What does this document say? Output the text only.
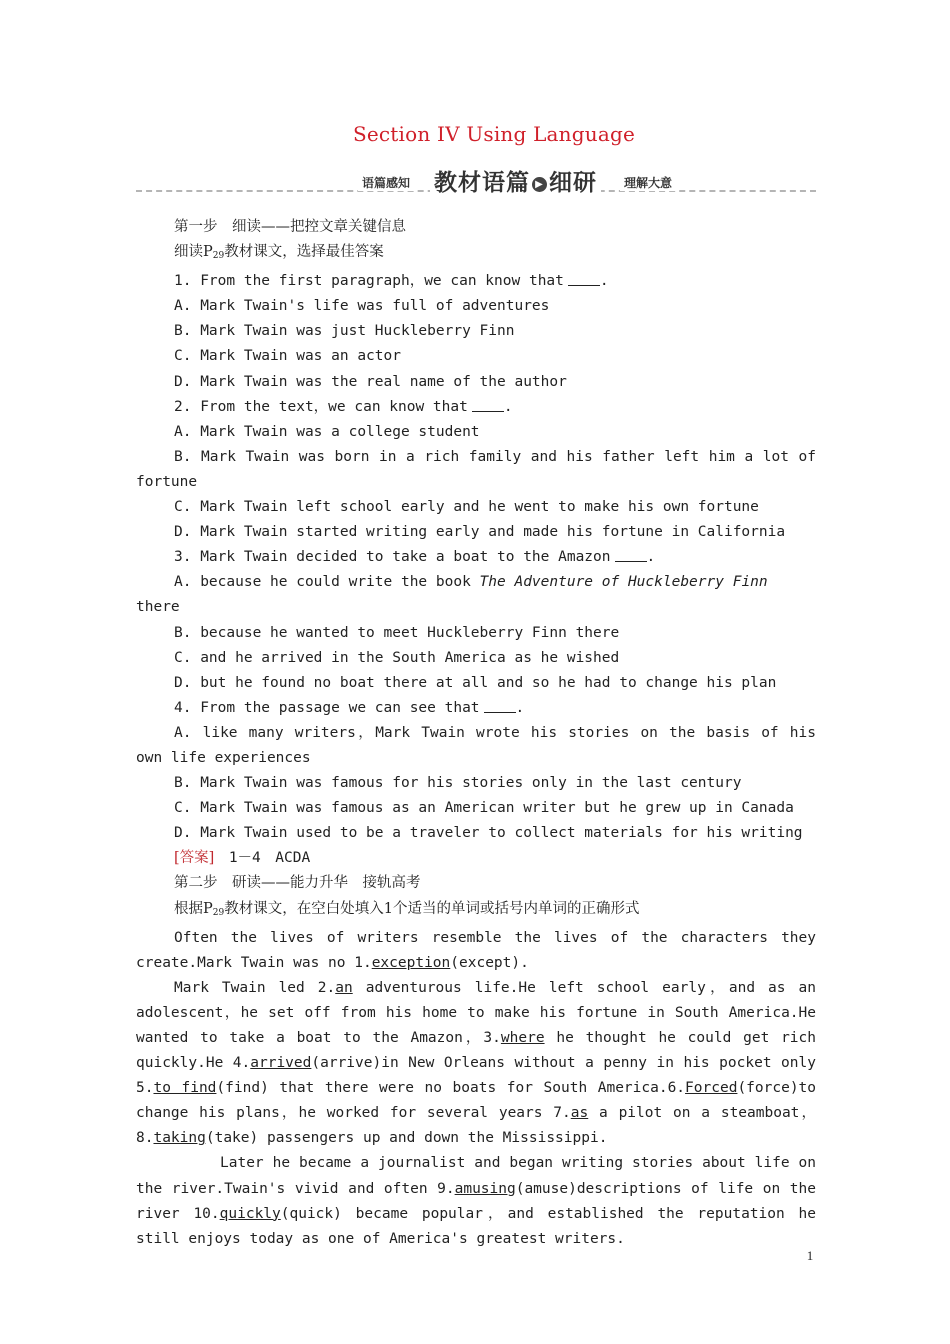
Section IV Using Language
语篇感知 教材语篇 ▶ 细研	理解大意

第一步　细读——把控文章关键信息

细读$P_{29}$教材课文，选择最佳答案

1. From the first paragraph，we can know that .

A. Mark Twain's life was full of adventures

B. Mark Twain was just Huckleberry Finn

C. Mark Twain was an actor

D. Mark Twain was the real name of the author

2. From the text，we can know that .

A. Mark Twain was a college student

B. Mark Twain was born in a rich family and his father left him a lot of fortune

C. Mark Twain left school early and he went to make his own fortune

D. Mark Twain started writing early and made his fortune in California

3. Mark Twain decided to take a boat to the Amazon .

A. because he could write the book The Adventure of Huckleberry Finn there

B. because he wanted to meet Huckleberry Finn there

C. and he arrived in the South America as he wished

D. but he found no boat there at all and so he had to change his plan

4. From the passage we can see that .

A. like many writers，Mark Twain wrote his stories on the basis of his own life experiences

B. Mark Twain was famous for his stories only in the last century

C. Mark Twain was famous as an American writer but he grew up in Canada

D. Mark Twain used to be a traveler to collect materials for his writing

[答案]　1－4　ACDA

第二步　研读——能力升华　接轨高考

根据$P_{29}$教材课文，在空白处填入1个适当的单词或括号内单词的正确形式

Often the lives of writers resemble the lives of the characters they create.Mark Twain was no 1.exception(except).

Mark Twain led 2.an adventurous life.He left school early，and as an adolescent，he set off from his home to make his fortune in South America.He wanted to take a boat to the Amazon，3.where he thought he could get rich quickly.He 4.arrived(arrive)in New Orleans without a penny in his pocket only 5.to find(find) that there were no boats for South America.6.Forced(force)to change his plans，he worked for several years 7.as a pilot on a steamboat，8.taking(take) passengers up and down the Mississippi.

Later he became a journalist and began writing stories about life on the river.Twain's vivid and often 9.amusing(amuse)descriptions of life on the river 10.quickly(quick) became popular，and established the reputation he still enjoys today as one of America's greatest writers.

1
